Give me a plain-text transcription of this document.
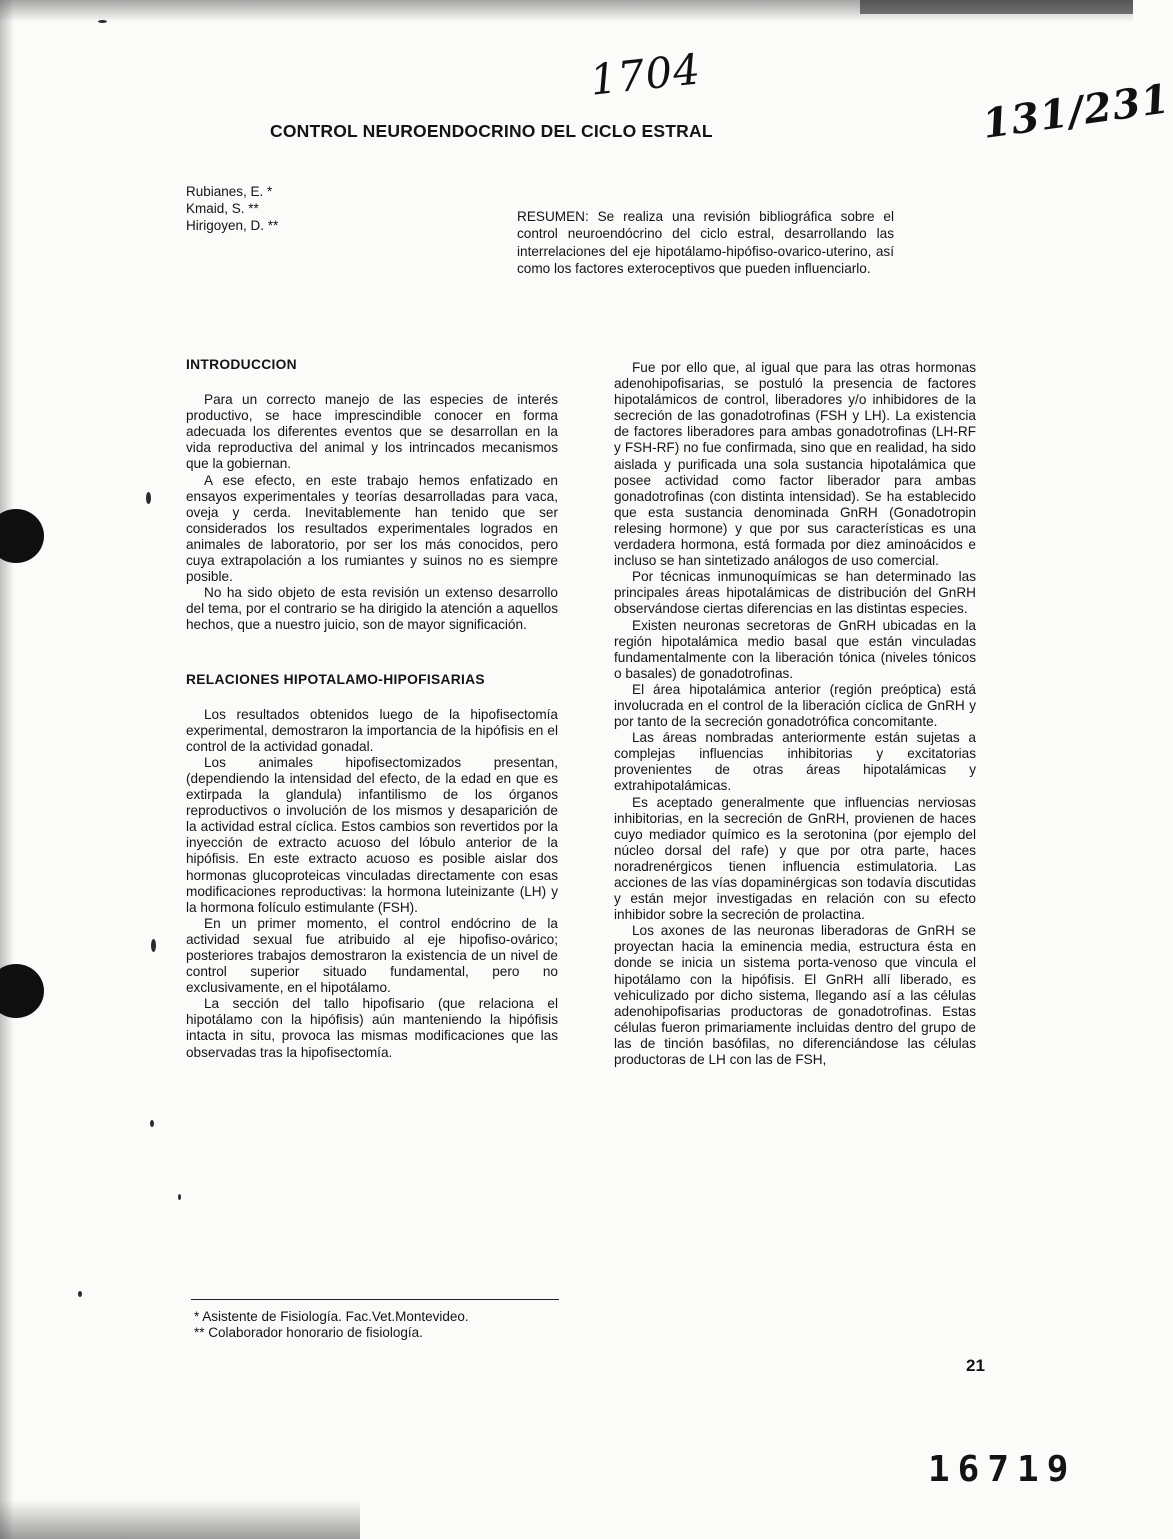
1704
131/231
CONTROL NEUROENDOCRINO DEL CICLO ESTRAL
Rubianes, E. *
Kmaid, S. **
Hirigoyen, D. **
RESUMEN: Se realiza una revisión bibliográfica sobre el control neuroendócrino del ciclo estral, desarrollando las interrelaciones del eje hipotálamo-hipófiso-ovarico-uterino, así como los factores exteroceptivos que pueden influenciarlo.
INTRODUCCION

Para un correcto manejo de las especies de interés productivo, se hace imprescindible conocer en forma adecuada los diferentes eventos que se desarrollan en la vida reproductiva del animal y los intrincados mecanismos que la gobiernan.

A ese efecto, en este trabajo hemos enfatizado en ensayos experimentales y teorías desarrolladas para vaca, oveja y cerda. Inevitablemente han tenido que ser considerados los resultados experimentales logrados en animales de laboratorio, por ser los más conocidos, pero cuya extrapolación a los rumiantes y suinos no es siempre posible.

No ha sido objeto de esta revisión un extenso desarrollo del tema, por el contrario se ha dirigido la atención a aquellos hechos, que a nuestro juicio, son de mayor significación.

RELACIONES HIPOTALAMO-HIPOFISARIAS

Los resultados obtenidos luego de la hipofisectomía experimental, demostraron la importancia de la hipófisis en el control de la actividad gonadal.

Los animales hipofisectomizados presentan, (dependiendo la intensidad del efecto, de la edad en que es extirpada la glandula) infantilismo de los órganos reproductivos o involución de los mismos y desaparición de la actividad estral cíclica. Estos cambios son revertidos por la inyección de extracto acuoso del lóbulo anterior de la hipófisis. En este extracto acuoso es posible aislar dos hormonas glucoproteicas vinculadas directamente con esas modificaciones reproductivas: la hormona luteinizante (LH) y la hormona folículo estimulante (FSH).

En un primer momento, el control endócrino de la actividad sexual fue atribuido al eje hipofiso-ovárico; posteriores trabajos demostraron la existencia de un nivel de control superior situado fundamental, pero no exclusivamente, en el hipotálamo.

La sección del tallo hipofisario (que relaciona el hipotálamo con la hipófisis) aún manteniendo la hipófisis intacta in situ, provoca las mismas modificaciones que las observadas tras la hipofisectomía.

Fue por ello que, al igual que para las otras hormonas adenohipofisarias, se postuló la presencia de factores hipotalámicos de control, liberadores y/o inhibidores de la secreción de las gonadotrofinas (FSH y LH). La existencia de factores liberadores para ambas gonadotrofinas (LH-RF y FSH-RF) no fue confirmada, sino que en realidad, ha sido aislada y purificada una sola sustancia hipotalámica que posee actividad como factor liberador para ambas gonadotrofinas (con distinta intensidad). Se ha establecido que esta sustancia denominada GnRH (Gonadotropin relesing hormone) y que por sus características es una verdadera hormona, está formada por diez aminoácidos e incluso se han sintetizado análogos de uso comercial.

Por técnicas inmunoquímicas se han determinado las principales áreas hipotalámicas de distribución del GnRH observándose ciertas diferencias en las distintas especies.

Existen neuronas secretoras de GnRH ubicadas en la región hipotalámica medio basal que están vinculadas fundamentalmente con la liberación tónica (niveles tónicos o basales) de gonadotrofinas.

El área hipotalámica anterior (región preóptica) está involucrada en el control de la liberación cíclica de GnRH y por tanto de la secreción gonadotrófica concomitante.

Las áreas nombradas anteriormente están sujetas a complejas influencias inhibitorias y excitatorias provenientes de otras áreas hipotalámicas y extrahipotalámicas.

Es aceptado generalmente que influencias nerviosas inhibitorias, en la secreción de GnRH, provienen de haces cuyo mediador químico es la serotonina (por ejemplo del núcleo dorsal del rafe) y que por otra parte, haces noradrenérgicos tienen influencia estimulatoria. Las acciones de las vías dopaminérgicas son todavía discutidas y están mejor investigadas en relación con su efecto inhibidor sobre la secreción de prolactina.

Los axones de las neuronas liberadoras de GnRH se proyectan hacia la eminencia media, estructura ésta en donde se inicia un sistema porta-venoso que vincula el hipotálamo con la hipófisis. El GnRH allí liberado, es vehiculizado por dicho sistema, llegando así a las células adenohipofisarias productoras de gonadotrofinas. Estas células fueron primariamente incluidas dentro del grupo de las de tinción basófilas, no diferenciándose las células productoras de LH con las de FSH,

* Asistente de Fisiología. Fac.Vet.Montevideo.
** Colaborador honorario de fisiología.
21
16719
